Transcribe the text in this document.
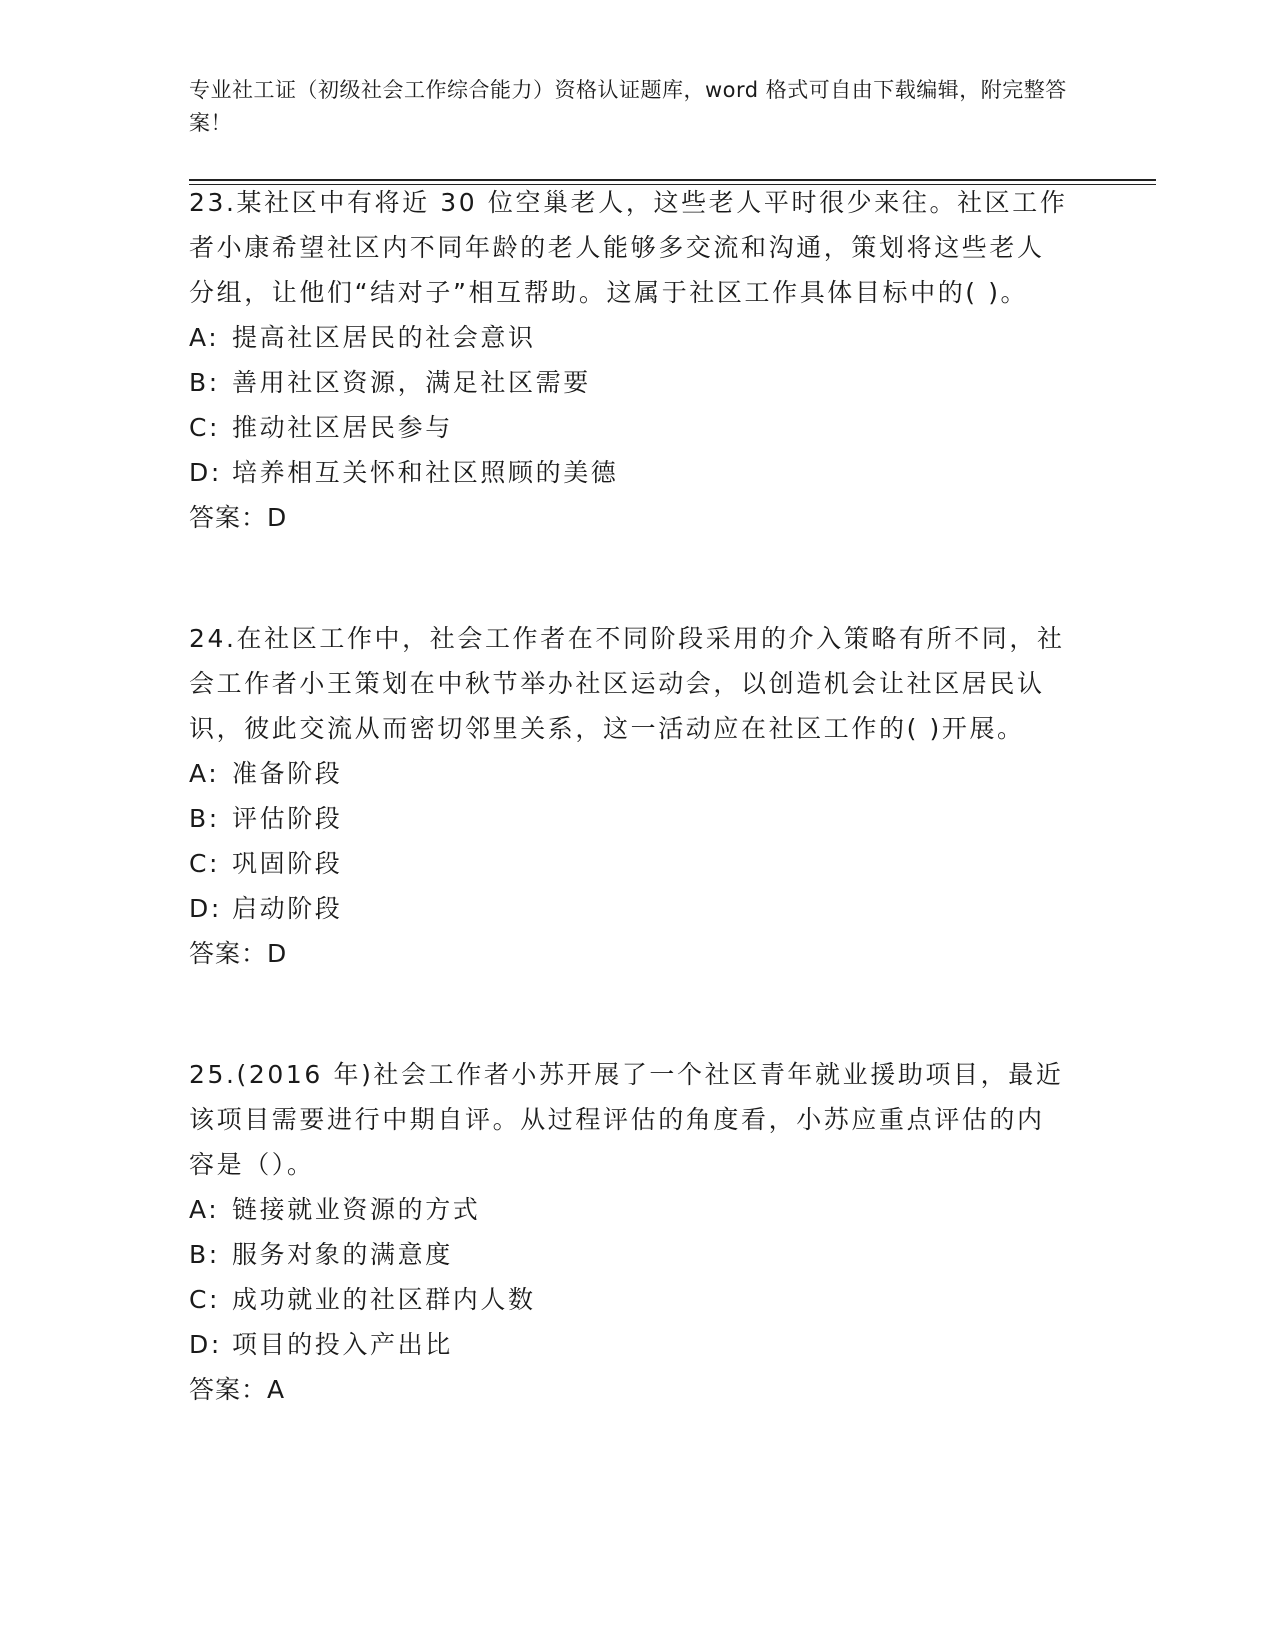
专业社工证（初级社会工作综合能力）资格认证题库，word 格式可自由下载编辑，附完整答案！

23.某社区中有将近 30 位空巢老人，这些老人平时很少来往。社区工作者小康希望社区内不同年龄的老人能够多交流和沟通，策划将这些老人分组，让他们“结对子”相互帮助。这属于社区工作具体目标中的( )。

A: 提高社区居民的社会意识

B: 善用社区资源，满足社区需要

C: 推动社区居民参与

D: 培养相互关怀和社区照顾的美德

答案：D

24.在社区工作中，社会工作者在不同阶段采用的介入策略有所不同，社会工作者小王策划在中秋节举办社区运动会，以创造机会让社区居民认识，彼此交流从而密切邻里关系，这一活动应在社区工作的( )开展。

A: 准备阶段

B: 评估阶段

C: 巩固阶段

D: 启动阶段

答案：D

25.(2016 年)社会工作者小苏开展了一个社区青年就业援助项目，最近该项目需要进行中期自评。从过程评估的角度看，小苏应重点评估的内容是（）。

A: 链接就业资源的方式

B: 服务对象的满意度

C: 成功就业的社区群内人数

D: 项目的投入产出比

答案：A
